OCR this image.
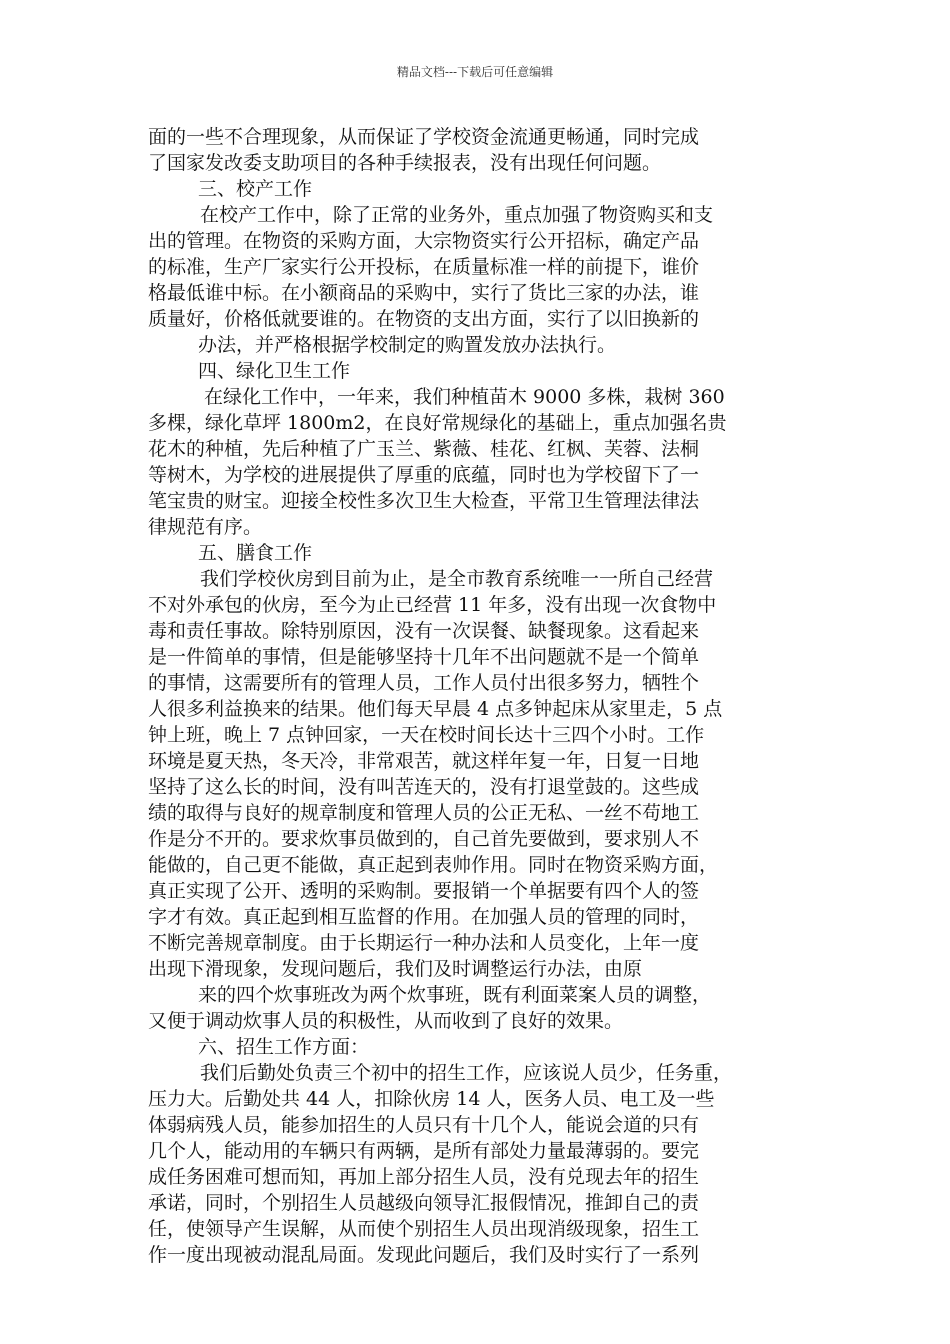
精品文档---下载后可任意编辑
面的一些不合理现象，从而保证了学校资金流通更畅通，同时完成
了国家发改委支助项目的各种手续报表，没有出现任何问题。
三、校产工作
在校产工作中，除了正常的业务外，重点加强了物资购买和支
出的管理。在物资的采购方面，大宗物资实行公开招标，确定产品
的标准，生产厂家实行公开投标，在质量标准一样的前提下，谁价
格最低谁中标。在小额商品的采购中，实行了货比三家的办法，谁
质量好，价格低就要谁的。在物资的支出方面，实行了以旧换新的
办法，并严格根据学校制定的购置发放办法执行。
四、绿化卫生工作
在绿化工作中，一年来，我们种植苗木 9000 多株，栽树 360
多棵，绿化草坪 1800m2，在良好常规绿化的基础上，重点加强名贵
花木的种植，先后种植了广玉兰、紫薇、桂花、红枫、芙蓉、法桐
等树木，为学校的进展提供了厚重的底蕴，同时也为学校留下了一
笔宝贵的财宝。迎接全校性多次卫生大检查，平常卫生管理法律法
律规范有序。
五、膳食工作
我们学校伙房到目前为止，是全市教育系统唯一一所自己经营
不对外承包的伙房，至今为止已经营 11 年多，没有出现一次食物中
毒和责任事故。除特别原因，没有一次误餐、缺餐现象。这看起来
是一件简单的事情，但是能够坚持十几年不出问题就不是一个简单
的事情，这需要所有的管理人员，工作人员付出很多努力，牺牲个
人很多利益换来的结果。他们每天早晨 4 点多钟起床从家里走，5 点
钟上班，晚上 7 点钟回家，一天在校时间长达十三四个小时。工作
环境是夏天热，冬天冷，非常艰苦，就这样年复一年，日复一日地
坚持了这么长的时间，没有叫苦连天的，没有打退堂鼓的。这些成
绩的取得与良好的规章制度和管理人员的公正无私、一丝不苟地工
作是分不开的。要求炊事员做到的，自己首先要做到，要求别人不
能做的，自己更不能做，真正起到表帅作用。同时在物资采购方面，
真正实现了公开、透明的采购制。要报销一个单据要有四个人的签
字才有效。真正起到相互监督的作用。在加强人员的管理的同时，
不断完善规章制度。由于长期运行一种办法和人员变化，上年一度
出现下滑现象，发现问题后，我们及时调整运行办法，由原
来的四个炊事班改为两个炊事班，既有利面菜案人员的调整，
又便于调动炊事人员的积极性，从而收到了良好的效果。
六、招生工作方面：
我们后勤处负责三个初中的招生工作，应该说人员少，任务重，
压力大。后勤处共 44 人，扣除伙房 14 人，医务人员、电工及一些
体弱病残人员，能参加招生的人员只有十几个人，能说会道的只有
几个人，能动用的车辆只有两辆，是所有部处力量最薄弱的。要完
成任务困难可想而知，再加上部分招生人员，没有兑现去年的招生
承诺，同时，个别招生人员越级向领导汇报假情况，推卸自己的责
任，使领导产生误解，从而使个别招生人员出现消级现象，招生工
作一度出现被动混乱局面。发现此问题后，我们及时实行了一系列
